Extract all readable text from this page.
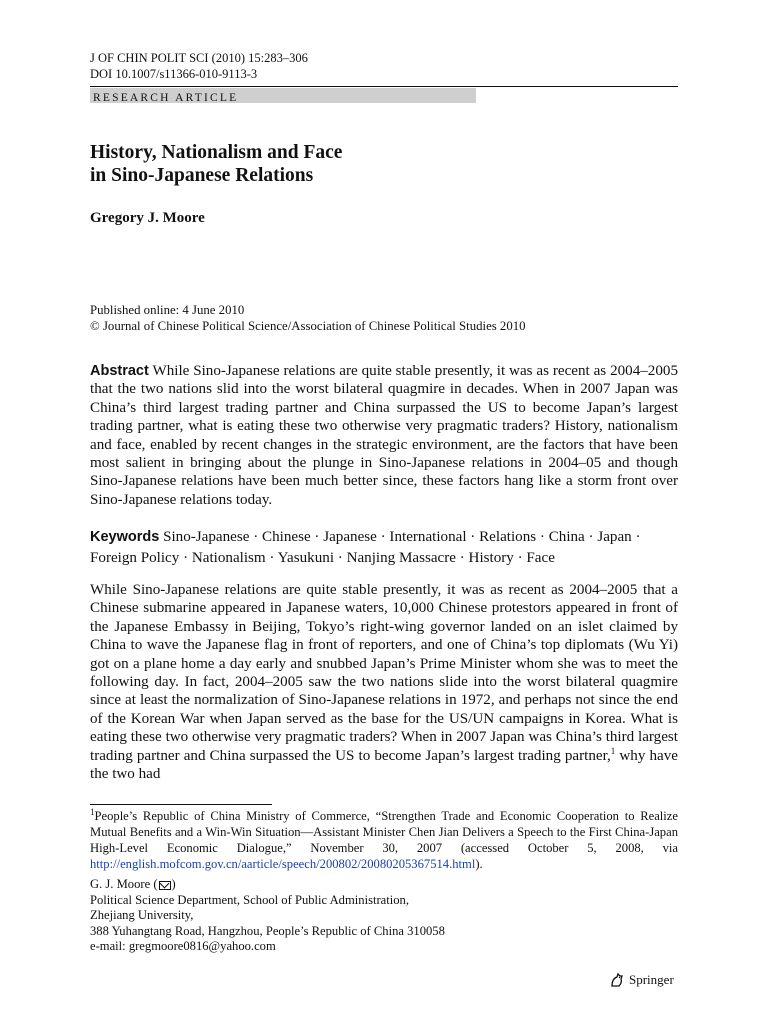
J OF CHIN POLIT SCI (2010) 15:283–306
DOI 10.1007/s11366-010-9113-3
RESEARCH ARTICLE
History, Nationalism and Face
in Sino-Japanese Relations
Gregory J. Moore
Published online: 4 June 2010
© Journal of Chinese Political Science/Association of Chinese Political Studies 2010
Abstract While Sino-Japanese relations are quite stable presently, it was as recent as 2004–2005 that the two nations slid into the worst bilateral quagmire in decades. When in 2007 Japan was China’s third largest trading partner and China surpassed the US to become Japan’s largest trading partner, what is eating these two otherwise very pragmatic traders? History, nationalism and face, enabled by recent changes in the strategic environment, are the factors that have been most salient in bringing about the plunge in Sino-Japanese relations in 2004–05 and though Sino-Japanese relations have been much better since, these factors hang like a storm front over Sino-Japanese relations today.
Keywords Sino-Japanese · Chinese · Japanese · International · Relations · China · Japan · Foreign Policy · Nationalism · Yasukuni · Nanjing Massacre · History · Face
While Sino-Japanese relations are quite stable presently, it was as recent as 2004–2005 that a Chinese submarine appeared in Japanese waters, 10,000 Chinese protestors appeared in front of the Japanese Embassy in Beijing, Tokyo’s right-wing governor landed on an islet claimed by China to wave the Japanese flag in front of reporters, and one of China’s top diplomats (Wu Yi) got on a plane home a day early and snubbed Japan’s Prime Minister whom she was to meet the following day. In fact, 2004–2005 saw the two nations slide into the worst bilateral quagmire since at least the normalization of Sino-Japanese relations in 1972, and perhaps not since the end of the Korean War when Japan served as the base for the US/UN campaigns in Korea. What is eating these two otherwise very pragmatic traders? When in 2007 Japan was China’s third largest trading partner and China surpassed the US to become Japan’s largest trading partner,$^1$ why have the two had
$^1$People’s Republic of China Ministry of Commerce, “Strengthen Trade and Economic Cooperation to Realize Mutual Benefits and a Win-Win Situation—Assistant Minister Chen Jian Delivers a Speech to the First China-Japan High-Level Economic Dialogue,” November 30, 2007 (accessed October 5, 2008, via http://english.mofcom.gov.cn/aarticle/speech/200802/20080205367514.html).
G. J. Moore ( )
Political Science Department, School of Public Administration,
Zhejiang University,
388 Yuhangtang Road, Hangzhou, People’s Republic of China 310058
e-mail: gregmoore0816@yahoo.com
Springer
